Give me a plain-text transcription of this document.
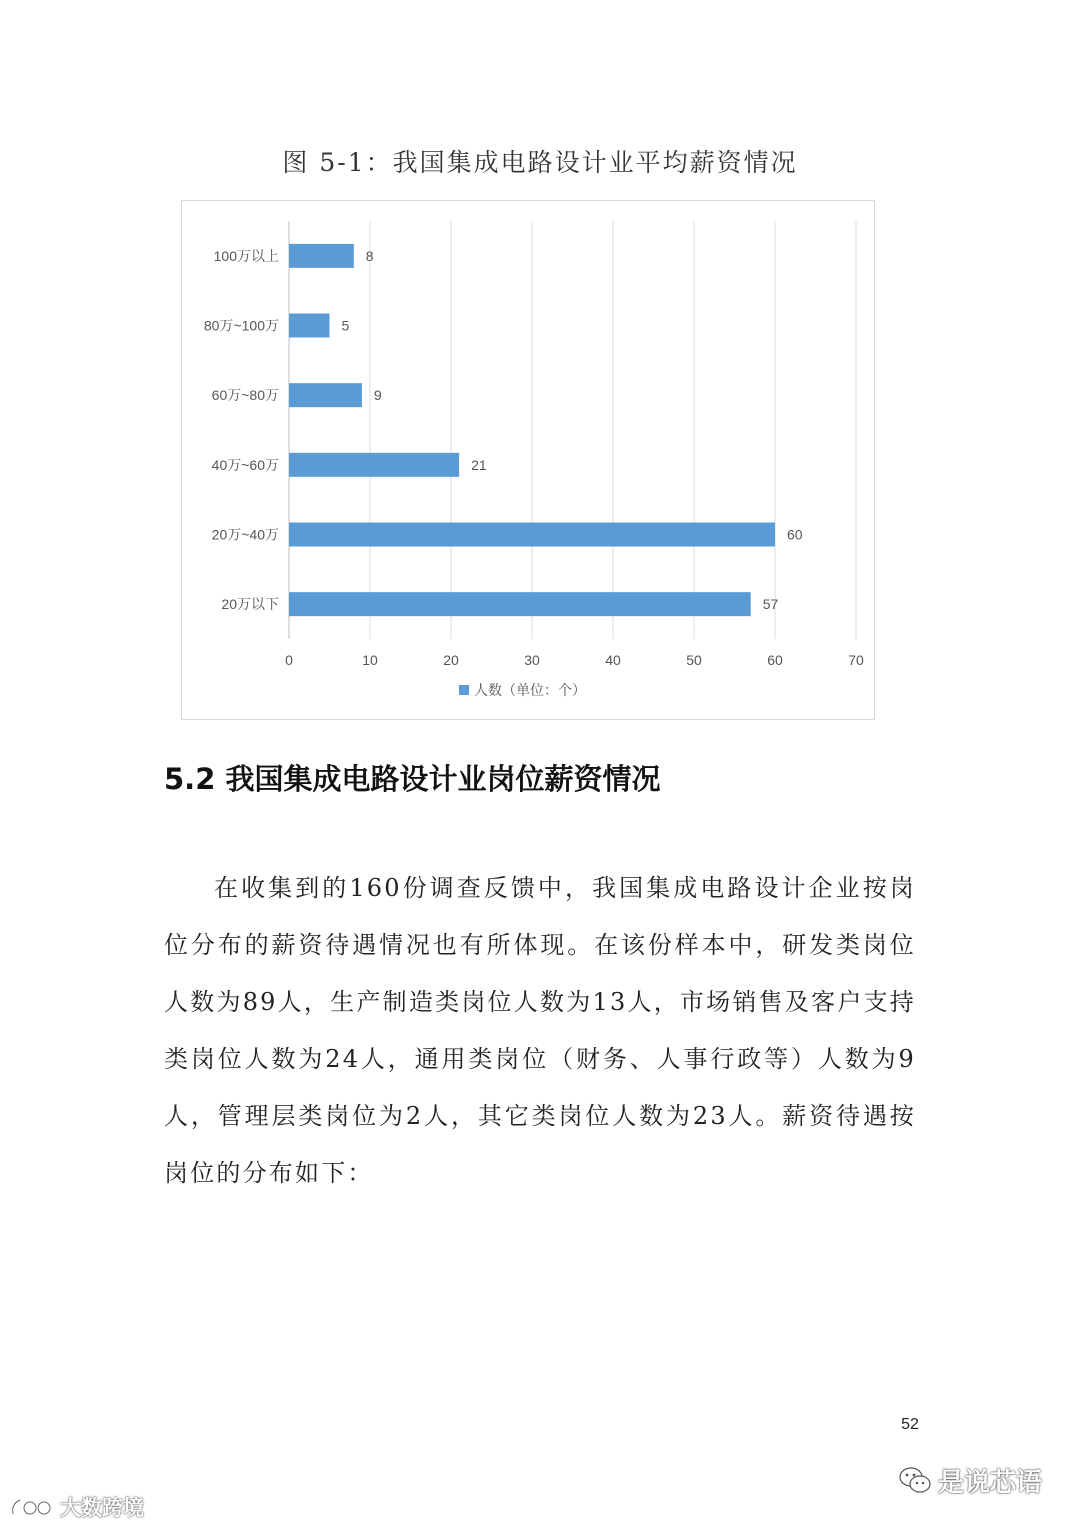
图 5-1：我国集成电路设计业平均薪资情况
0	10	20	30	40	50	60	70
100万以上	8
80万~100万	5
60万~80万	9
40万~60万	21
20万~40万	60
20万以下	57
人数（单位：个）
5.2 我国集成电路设计业岗位薪资情况

在收集到的160份调查反馈中，我国集成电路设计企业按岗位分布的薪资待遇情况也有所体现。在该份样本中，研发类岗位人数为89人，生产制造类岗位人数为13人，市场销售及客户支持类岗位人数为24人，通用类岗位（财务、人事行政等）人数为9人，管理层类岗位为2人，其它类岗位人数为23人。薪资待遇按岗位的分布如下：

52
大数跨境
是说芯语
